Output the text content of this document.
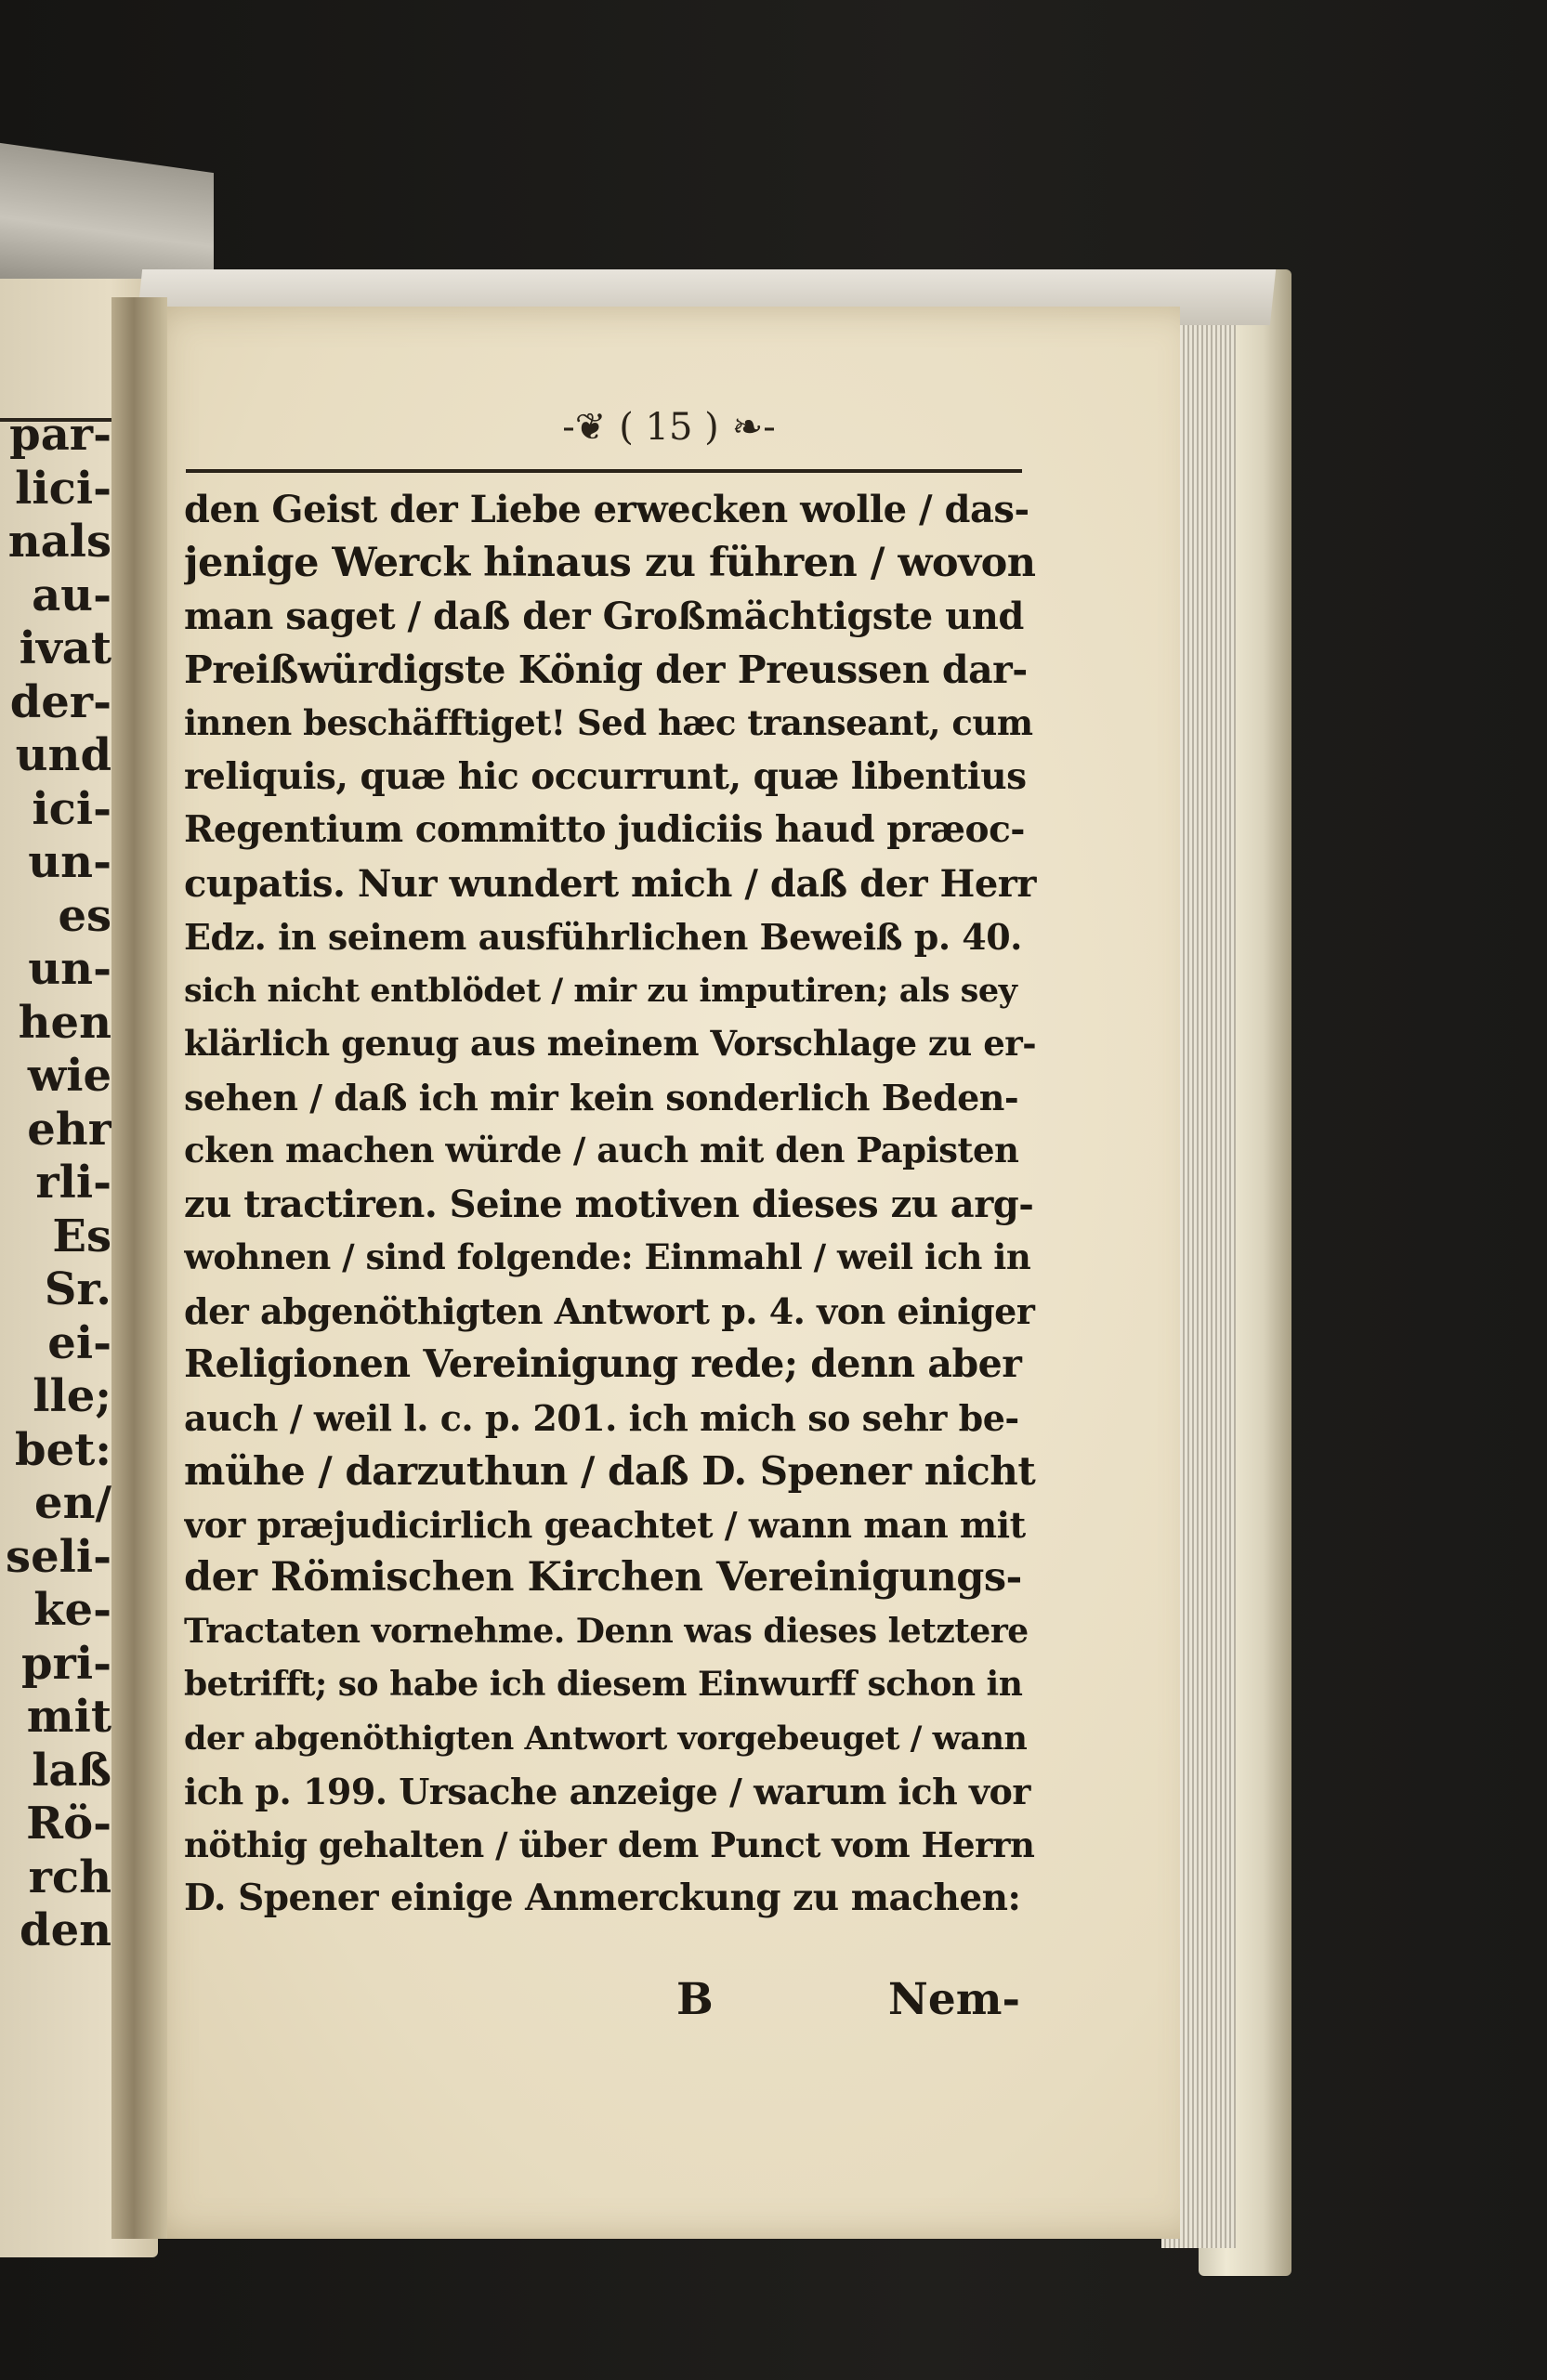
par-
lici-
nals
au-
ivat
der-
und
ici-
un-
es
un-
hen
wie
ehr
rli-
Es
Sr.
ei-
lle;
bet:
en/
seli-
ke-
pri-
mit
laß
Rö-
rch
den
-❦ ( 15 ) ❧-
den Geist der Liebe erwecken wolle / das-
jenige Werck hinaus zu führen / wovon
man saget / daß der Großmächtigste und
Preißwürdigste König der Preussen dar-
innen beschäfftiget! Sed hæc transeant, cum
reliquis, quæ hic occurrunt, quæ libentius
Regentium committo judiciis haud præoc-
cupatis. Nur wundert mich / daß der Herr
Edz. in seinem ausführlichen Beweiß p. 40.
sich nicht entblödet / mir zu imputiren; als sey
klärlich genug aus meinem Vorschlage zu er-
sehen / daß ich mir kein sonderlich Beden-
cken machen würde / auch mit den Papisten
zu tractiren. Seine motiven dieses zu arg-
wohnen / sind folgende: Einmahl / weil ich in
der abgenöthigten Antwort p. 4. von einiger
Religionen Vereinigung rede; denn aber
auch / weil l. c. p. 201. ich mich so sehr be-
mühe / darzuthun / daß D. Spener nicht
vor præjudicirlich geachtet / wann man mit
der Römischen Kirchen Vereinigungs-
Tractaten vornehme. Denn was dieses letztere
betrifft; so habe ich diesem Einwurff schon in
der abgenöthigten Antwort vorgebeuget / wann
ich p. 199. Ursache anzeige / warum ich vor
nöthig gehalten / über dem Punct vom Herrn
D. Spener einige Anmerckung zu machen:
B	Nem-
